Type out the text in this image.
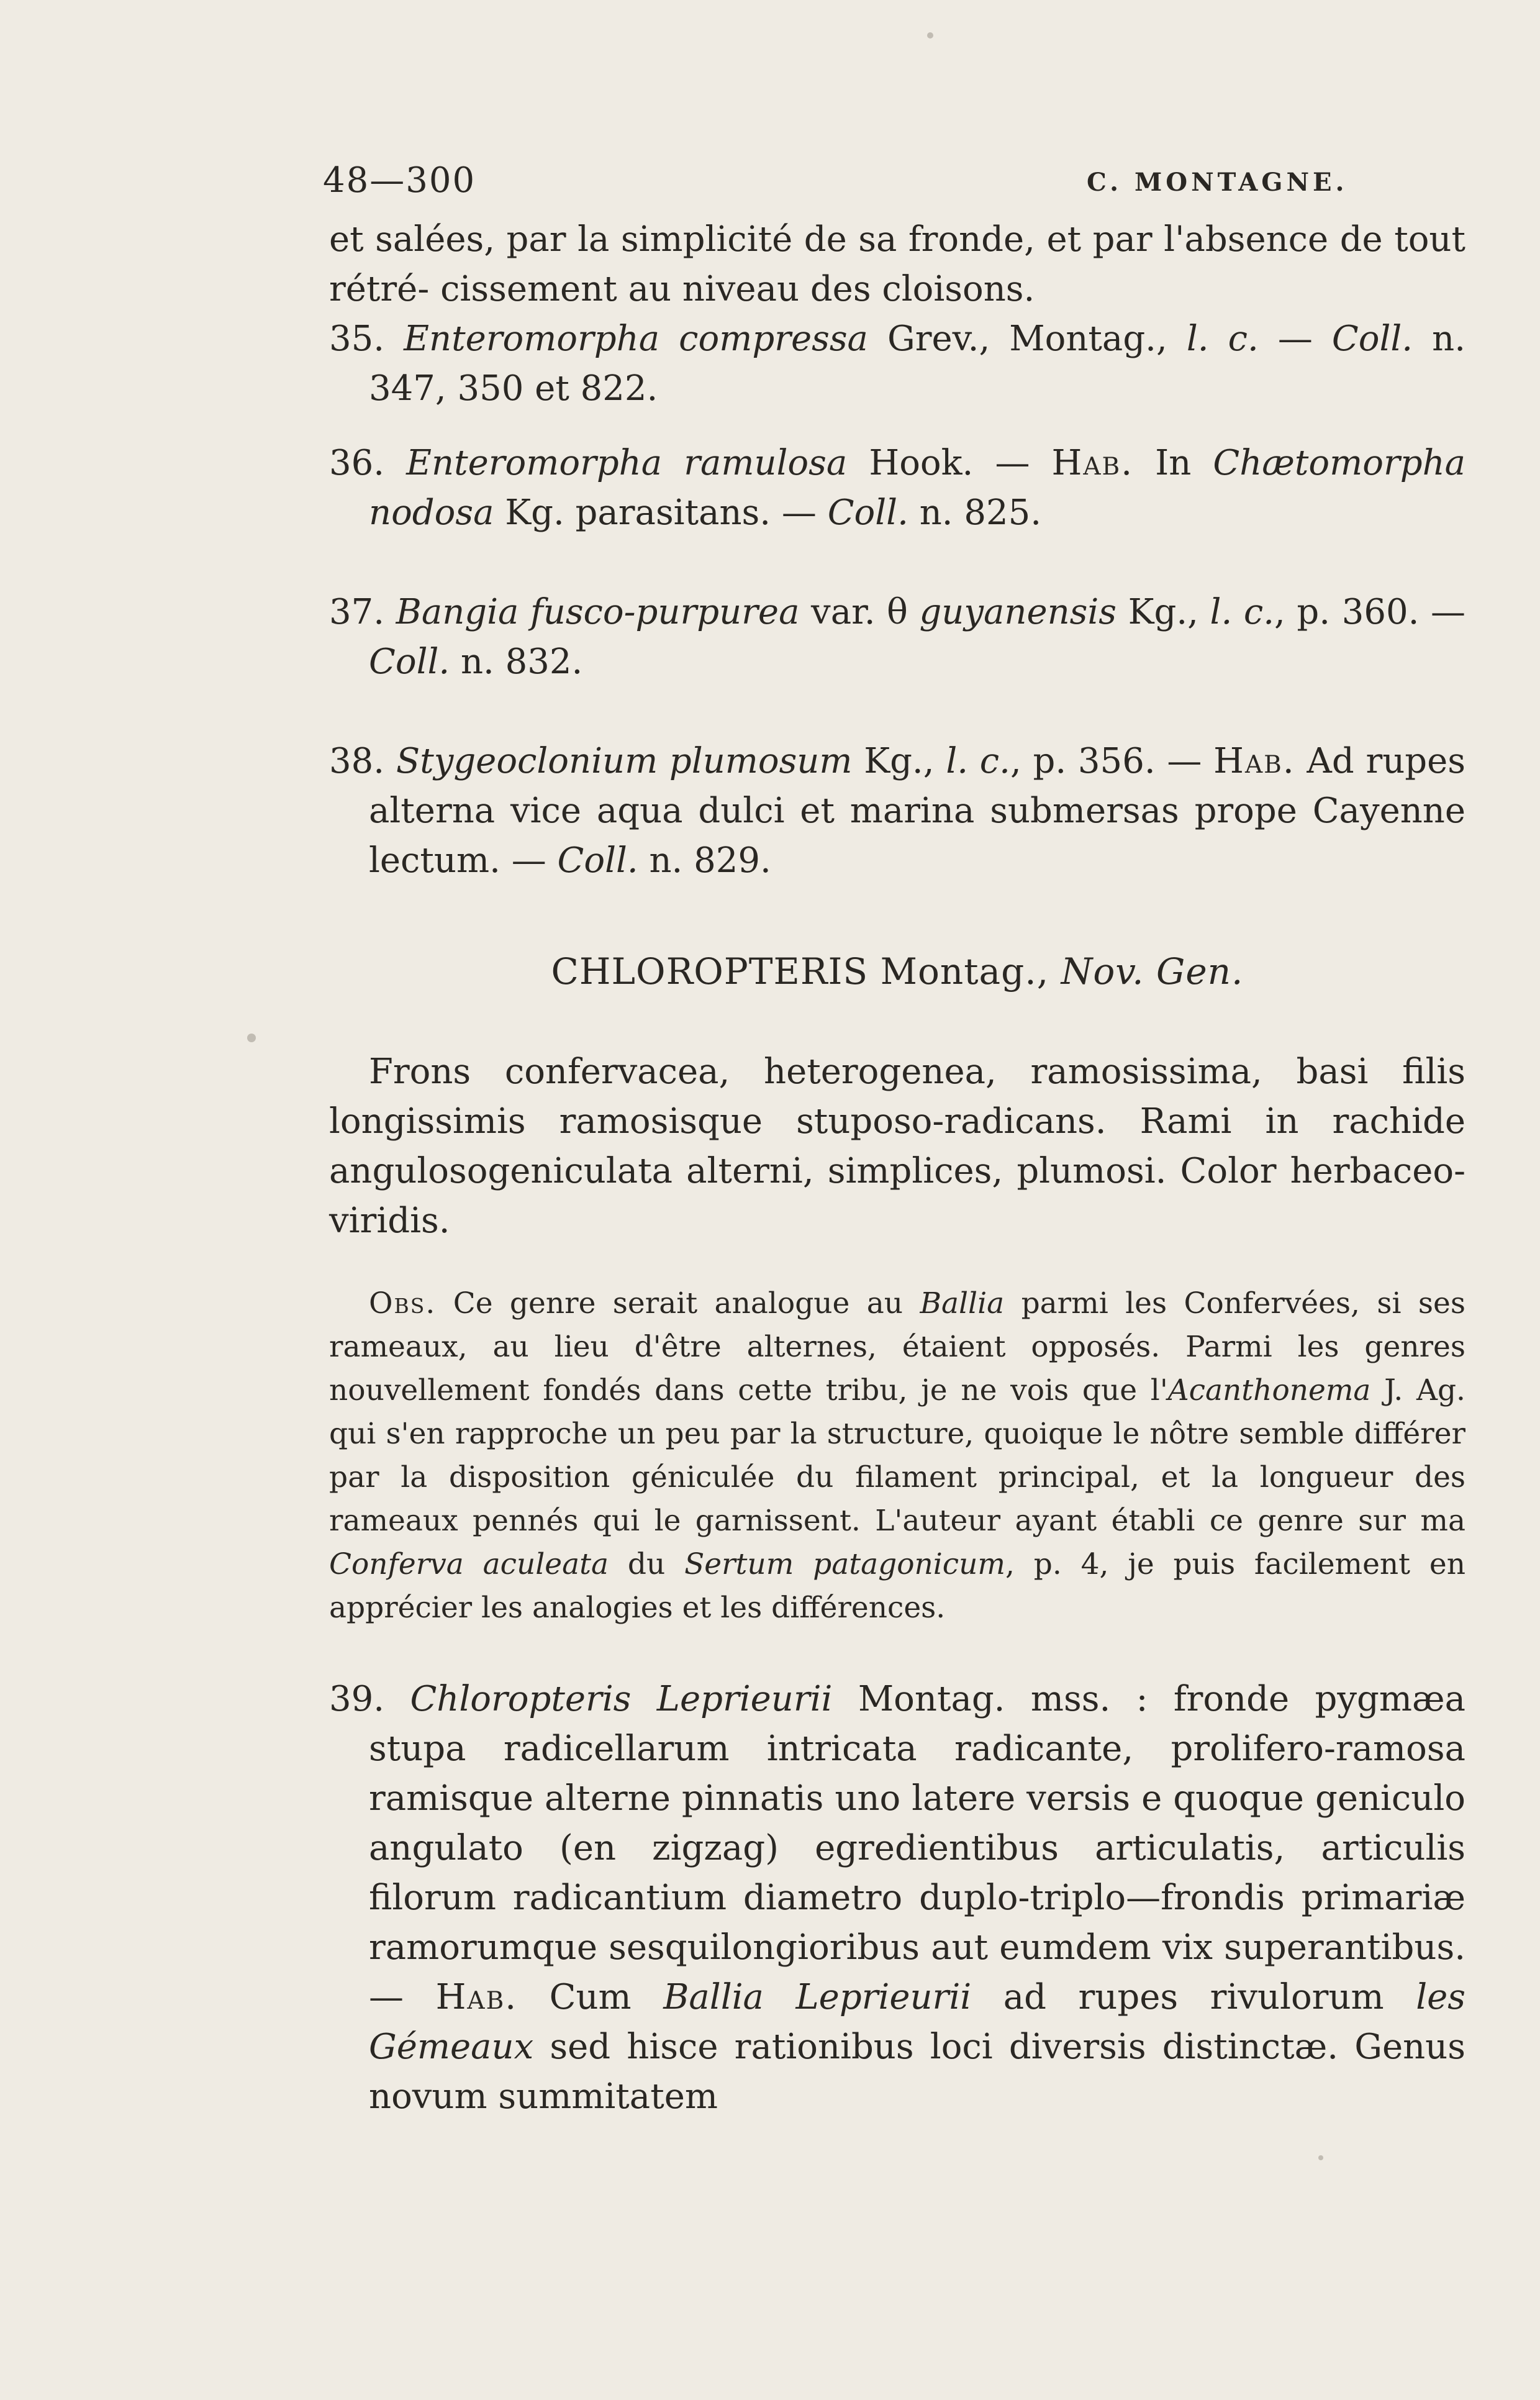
48—300	C. MONTAGNE.
et salées, par la simplicité de sa fronde, et par l'absence de tout rétré- cissement au niveau des cloisons.
35. Enteromorpha compressa Grev., Montag., l. c. — Coll. n. 347, 350 et 822.
36. Enteromorpha ramulosa Hook. — Hab. In Chætomorpha nodosa Kg. parasitans. — Coll. n. 825.
37. Bangia fusco-purpurea var. θ guyanensis Kg., l. c., p. 360. — Coll. n. 832.
38. Stygeoclonium plumosum Kg., l. c., p. 356. — Hab. Ad rupes alterna vice aqua dulci et marina submersas prope Cayenne lectum. — Coll. n. 829.
CHLOROPTERIS Montag., Nov. Gen.
Frons confervacea, heterogenea, ramosissima, basi filis longissimis ramosisque stuposo-radicans. Rami in rachide angulosogeniculata alterni, simplices, plumosi. Color herbaceo-viridis.
Obs. Ce genre serait analogue au Ballia parmi les Confervées, si ses rameaux, au lieu d'être alternes, étaient opposés. Parmi les genres nouvellement fondés dans cette tribu, je ne vois que l'Acanthonema J. Ag. qui s'en rapproche un peu par la structure, quoique le nôtre semble différer par la disposition géniculée du filament principal, et la longueur des rameaux pennés qui le garnissent. L'auteur ayant établi ce genre sur ma Conferva aculeata du Sertum patagonicum, p. 4, je puis facilement en apprécier les analogies et les différences.
39. Chloropteris Leprieurii Montag. mss. : fronde pygmæa stupa radicellarum intricata radicante, prolifero-ramosa ramisque alterne pinnatis uno latere versis e quoque geniculo angulato (en zigzag) egredientibus articulatis, articulis filorum radicantium diametro duplo-triplo—frondis primariæ ramorumque sesquilongioribus aut eumdem vix superantibus. — Hab. Cum Ballia Leprieurii ad rupes rivulorum les Gémeaux sed hisce rationibus loci diversis distinctæ. Genus novum summitatem
